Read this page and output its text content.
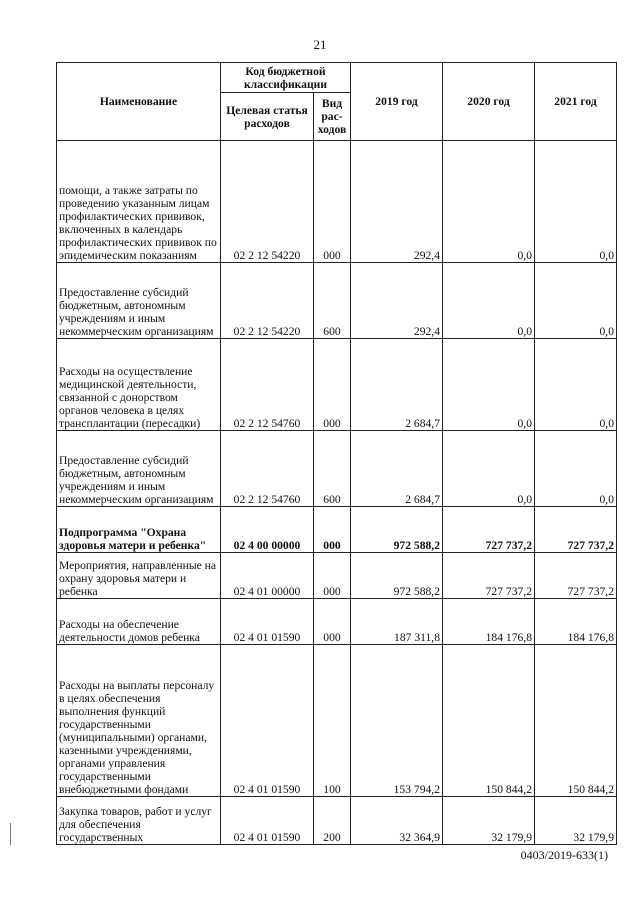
21
Наименование	Код бюджетной классификации		2019 год	2020 год	2021 год
	Целевая статья расходов	Вид рас-ходов			
помощи, а также затраты по проведению указанным лицам профилактических прививок, включенных в календарь профилактических прививок по эпидемическим показаниям	02 2 12 54220	000	292,4	0,0	0,0
Предоставление субсидий бюджетным, автономным учреждениям и иным некоммерческим организациям	02 2 12 54220	600	292,4	0,0	0,0
Расходы на осуществление медицинской деятельности, связанной с донорством органов человека в целях трансплантации (пересадки)	02 2 12 54760	000	2 684,7	0,0	0,0
Предоставление субсидий бюджетным, автономным учреждениям и иным некоммерческим организациям	02 2 12 54760	600	2 684,7	0,0	0,0
Подпрограмма "Охрана здоровья матери и ребенка"	02 4 00 00000	000	972 588,2	727 737,2	727 737,2
Мероприятия, направленные на охрану здоровья матери и ребенка	02 4 01 00000	000	972 588,2	727 737,2	727 737,2
Расходы на обеспечение деятельности домов ребенка	02 4 01 01590	000	187 311,8	184 176,8	184 176,8
Расходы на выплаты персоналу в целях обеспечения выполнения функций государственными (муниципальными) органами, казенными учреждениями, органами управления государственными внебюджетными фондами	02 4 01 01590	100	153 794,2	150 844,2	150 844,2
Закупка товаров, работ и услуг для обеспечения государственных	02 4 01 01590	200	32 364,9	32 179,9	32 179,9
0403/2019-633(1)
